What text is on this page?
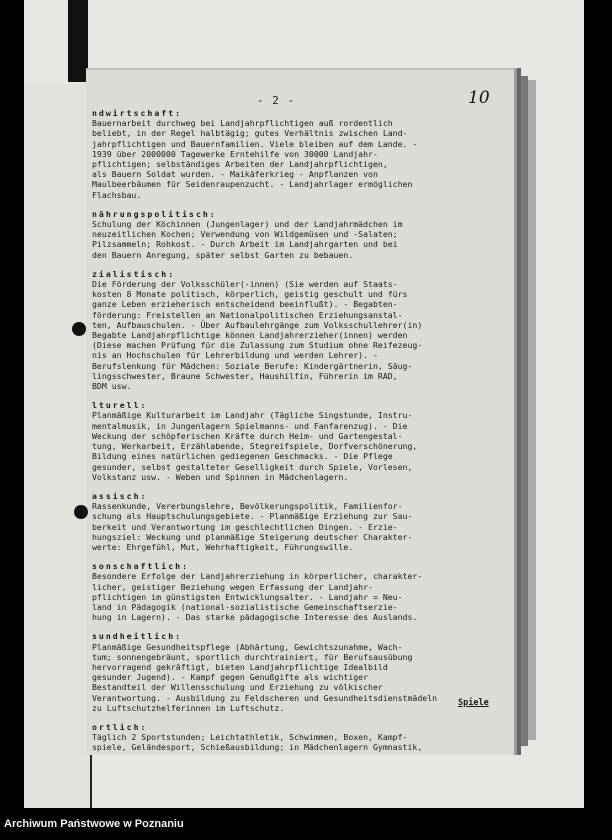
- 2 -	10
ndwirtschaft:
Bauernarbeit durchweg bei Landjahrpflichtigen auß rordentlich
beliebt, in der Regel halbtägig; gutes Verhältnis zwischen Land-
jahrpflichtigen und Bauernfamilien. Viele bleiben auf dem Lande. -
1939 über 2000000 Tagewerke Erntehilfe von 30000 Landjahr-
pflichtigen; selbständiges Arbeiten der Landjahrpflichtigen,
als Bauern Soldat wurden. - Maikäferkrieg - Anpflanzen von
Maulbeerbäumen für Seidenraupenzucht. - Landjahrlager ermöglichen
Flachsbau.
nährungspolitisch:
Schulung der Köchinnen (Jungenlager) und der Landjahrmädchen im
neuzeitlichen Kochen; Verwendung von Wildgemüsen und -Salaten;
Pilzsammeln; Rohkost. - Durch Arbeit im Landjahrgarten und bei
den Bauern Anregung, später selbst Garten zu bebauen.
zialistisch:
Die Förderung der Volksschüler(-innen) (Sie werden auf Staats-
kosten 8 Monate politisch, körperlich, geistig geschult und fürs
ganze Leben erzieherisch entscheidend beeinflußt). - Begabten-
förderung: Freistellen an Nationalpolitischen Erziehungsanstal-
ten, Aufbauschulen. - Über Aufbaulehrgänge zum Volksschullehrer(in)
Begabte Landjahrpflichtige können Landjahrerzieher(innen) werden
(Diese machen Prüfung für die Zulassung zum Studium ohne Reifezeug-
nis an Hochschulen für Lehrerbildung und werden Lehrer). -
Berufslenkung für Mädchen: Soziale Berufe: Kindergärtnerin, Säug-
lingsschwester, Braune Schwester, Haushilfin, Führerin im RAD,
BDM usw.
lturell:
Planmäßige Kulturarbeit im Landjahr (Tägliche Singstunde, Instru-
mentalmusik, in Jungenlagern Spielmanns- und Fanfarenzug). - Die
Weckung der schöpferischen Kräfte durch Heim- und Gartengestal-
tung, Werkarbeit, Erzählabende, Stegreifspiele, Dorfverschönerung,
Bildung eines natürlichen gediegenen Geschmacks. - Die Pflege
gesunder, selbst gestalteter Geselligkeit durch Spiele, Vorlesen,
Volkstanz usw. - Weben und Spinnen in Mädchenlagern.
assisch:
Rassenkunde, Vererbungslehre, Bevölkerungspolitik, Familienfor-
schung als Hauptschulungsgebiete. - Planmäßige Erziehung zur Sau-
berkeit und Verantwortung im geschlechtlichen Dingen. - Erzie-
hungsziel: Weckung und planmäßige Steigerung deutscher Charakter-
werte: Ehrgefühl, Mut, Wehrhaftigkeit, Führungswille.
sonschaftlich:
Besondere Erfolge der Landjahrerziehung in körperlicher, charakter-
licher, geistiger Beziehung wegen Erfassung der Landjahr-
pflichtigen im günstigsten Entwicklungsalter. - Landjahr = Neu-
land in Pädagogik (national-sozialistische Gemeinschaftserzie-
hung in Lagern). - Das starke pädagogische Interesse des Auslands.
sundheitlich:
Planmäßige Gesundheitspflege (Abhärtung, Gewichtszunahme, Wach-
tum; sonnengebräunt, sportlich durchtrainiert, für Berufsausübung
hervorragend gekräftigt, bieten Landjahrpflichtige Idealbild
gesunder Jugend). - Kampf gegen Genußgifte als wichtiger
Bestandteil der Willensschulung und Erziehung zu völkischer
Verantwortung. - Ausbildung zu Feldscheren und Gesundheitsdienstmädeln
zu Luftschutzhelferinnen im Luftschutz.
ortlich:
Täglich 2 Sportstunden; Leichtathletik, Schwimmen, Boxen, Kampf-
spiele, Geländesport, Schießausbildung; in Mädchenlagern Gymnastik,
Spiele
Archiwum Państwowe w Poznaniu
